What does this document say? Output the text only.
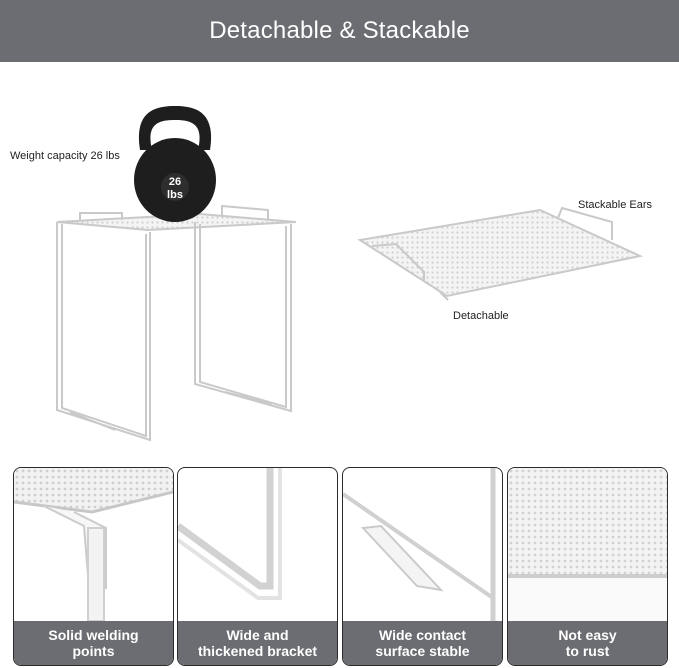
Detachable & Stackable
26
lbs
Weight capacity 26 lbs
Stackable Ears
Detachable
Solid welding
points
Wide and
thickened bracket
Wide contact
surface stable
Not easy
to rust
